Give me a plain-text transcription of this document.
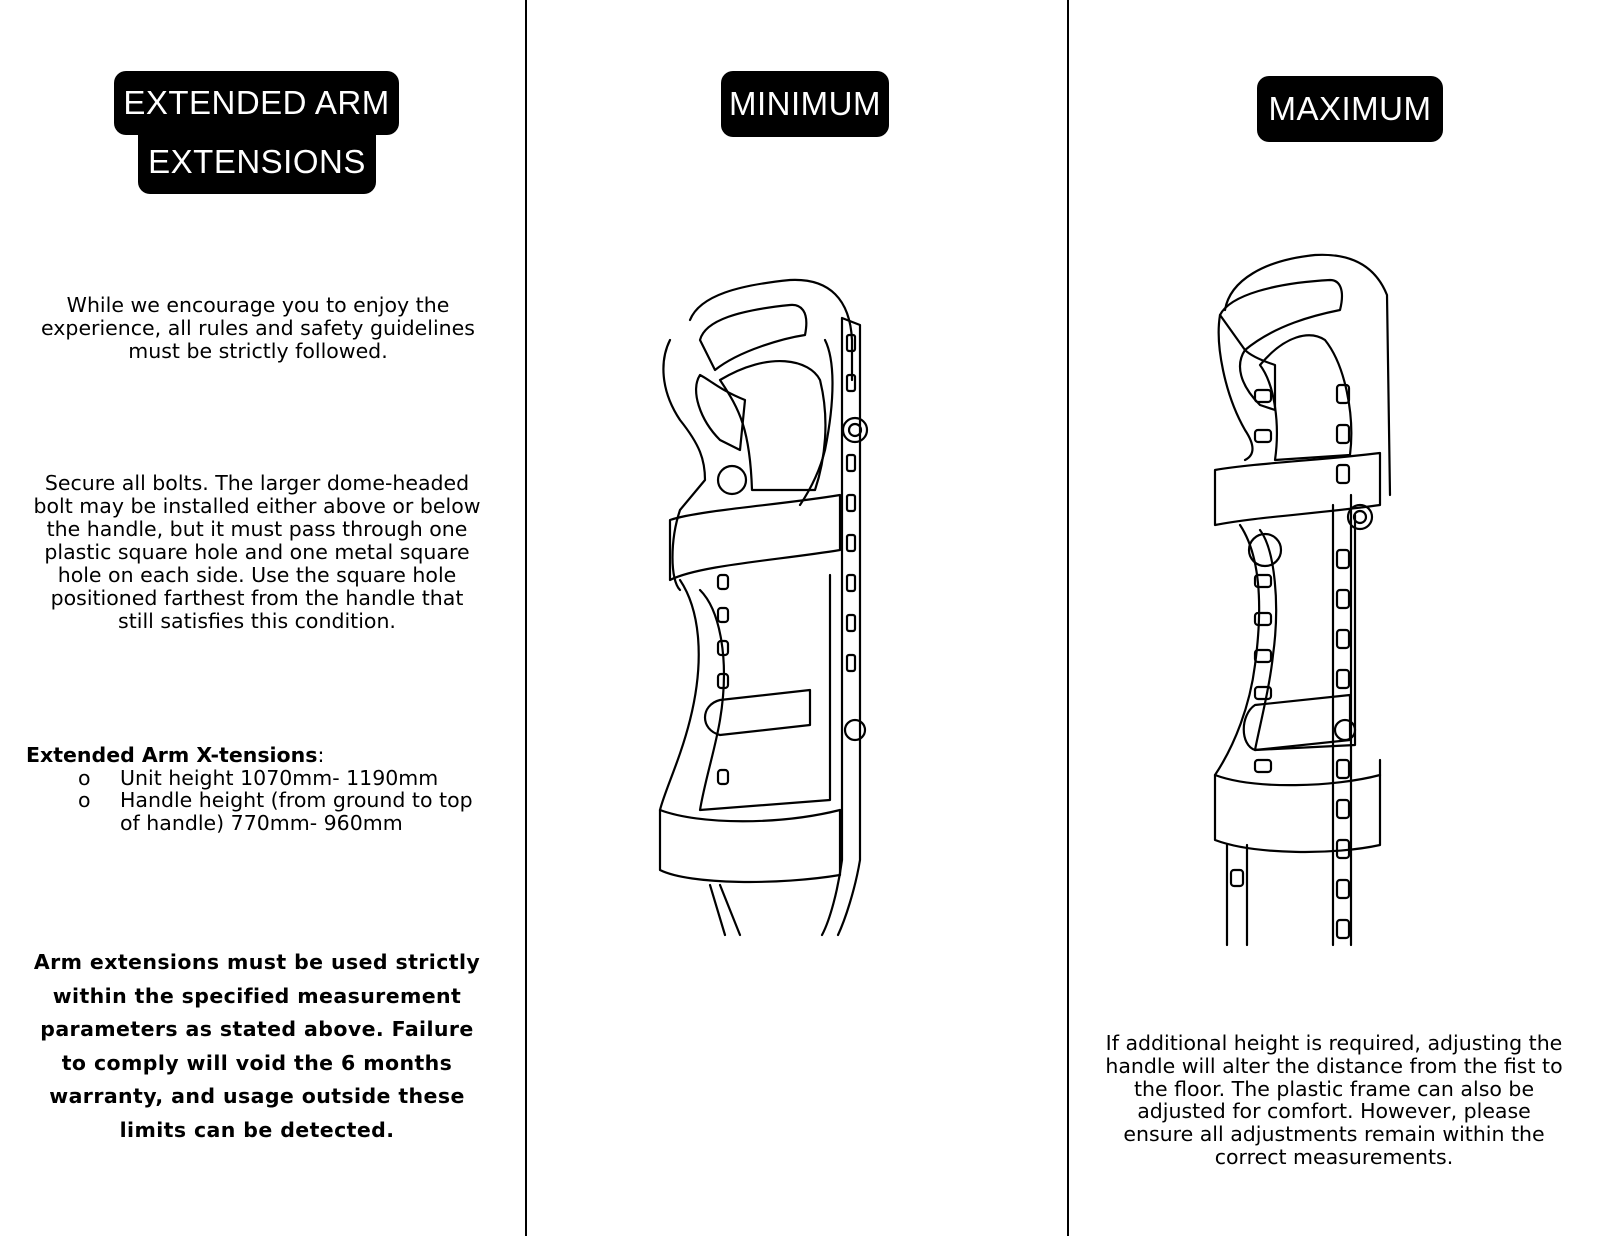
EXTENDED ARM
EXTENSIONS
While we encourage you to enjoy the experience, all rules and safety guidelines must be strictly followed.
Secure all bolts. The larger dome-headed bolt may be installed either above or below the handle, but it must pass through one plastic square hole and one metal square hole on each side. Use the square hole positioned farthest from the handle that still satisfies this condition.
Extended Arm X-tensions:
o Unit height 1070mm- 1190mm
o Handle height (from ground to top of handle) 770mm- 960mm
Arm extensions must be used strictly within the specified measurement parameters as stated above. Failure to comply will void the 6 months warranty, and usage outside these limits can be detected.
MINIMUM	MAXIMUM
If additional height is required, adjusting the handle will alter the distance from the fist to the floor. The plastic frame can also be adjusted for comfort. However, please ensure all adjustments remain within the correct measurements.
